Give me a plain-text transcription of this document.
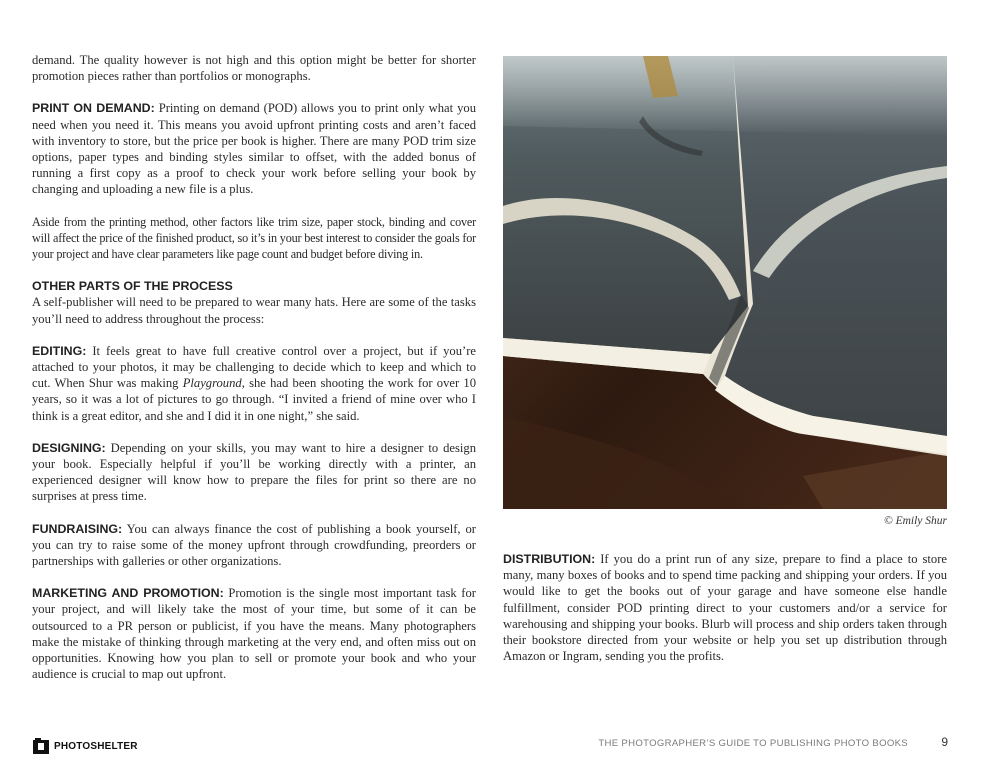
demand. The quality however is not high and this option might be better for shorter promotion pieces rather than portfolios or monographs.

PRINT ON DEMAND: Printing on demand (POD) allows you to print only what you need when you need it. This means you avoid upfront printing costs and aren’t faced with inventory to store, but the price per book is higher. There are many POD trim size options, paper types and binding styles similar to offset, with the added bonus of running a first copy as a proof to check your work before selling your book by changing and uploading a new file is a plus.

Aside from the printing method, other factors like trim size, paper stock, binding and cover will affect the price of the finished product, so it’s in your best interest to consider the goals for your project and have clear parameters like page count and budget before diving in.

OTHER PARTS OF THE PROCESS

A self-publisher will need to be prepared to wear many hats. Here are some of the tasks you’ll need to address throughout the process:

EDITING: It feels great to have full creative control over a project, but if you’re attached to your photos, it may be challenging to decide which to keep and which to cut. When Shur was making Playground, she had been shooting the work for over 10 years, so it was a lot of pictures to go through. “I invited a friend of mine over who I think is a great editor, and she and I did it in one night,” she said.

DESIGNING: Depending on your skills, you may want to hire a designer to design your book. Especially helpful if you’ll be working directly with a printer, an experienced designer will know how to prepare the files for print so there are no surprises at press time.

FUNDRAISING: You can always finance the cost of publishing a book yourself, or you can try to raise some of the money upfront through crowdfunding, preorders or partnerships with galleries or other organizations.

MARKETING AND PROMOTION: Promotion is the single most important task for your project, and will likely take the most of your time, but some of it can be outsourced to a PR person or publicist, if you have the means. Many photographers make the mistake of thinking through marketing at the very end, and often miss out on opportunities. Knowing how you plan to sell or promote your book and who your audience is crucial to map out upfront.

© Emily Shur

DISTRIBUTION: If you do a print run of any size, prepare to find a place to store many, many boxes of books and to spend time packing and shipping your orders. If you would like to get the books out of your garage and have someone else handle fulfillment, consider POD printing direct to your customers and/or a service for warehousing and shipping your books. Blurb will process and ship orders taken through their bookstore directed from your website or help you set up distribution through Amazon or Ingram, sending you the profits.

PHOTOSHELTER	THE PHOTOGRAPHER’S GUIDE TO PUBLISHING PHOTO BOOKS	9
